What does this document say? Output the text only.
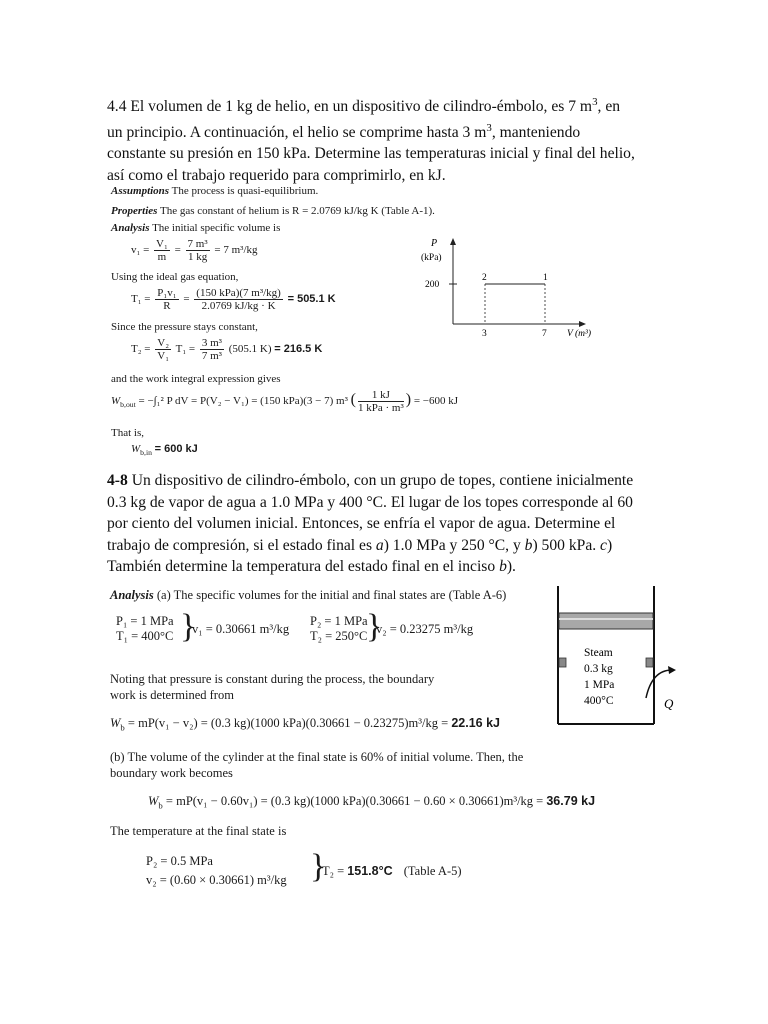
4.4 El volumen de 1 kg de helio, en un dispositivo de cilindro-émbolo, es 7 $m^3$, en
un principio. A continuación, el helio se comprime hasta 3 $m^3$, manteniendo
constante su presión en 150 kPa. Determine las temperaturas inicial y final del helio,
así como el trabajo requerido para comprimirlo, en kJ.
Assumptions The process is quasi-equilibrium.
Properties The gas constant of helium is R = 2.0769 kJ/kg K (Table A-1).
Analysis The initial specific volume is
$v_1 = \frac{\text{V₁}}{m} = \frac{\text{7 m³}}{1 kg} = 7$ m³/kg
Using the ideal gas equation,
$T_1 = \frac{\text{P₁v₁}}{R} = \frac{\text{(150 kPa)(7 m³/kg)}}{2.0769 kJ/kg \cdot K} = 505.1$ K
Since the pressure stays constant,
$T_2 = \frac{\text{V₂}}{\text{V₁}} T_1 = \frac{\text{3 m³}}{\text{7 m³}} (505.1$ K) = 216.5 K
and the work integral expression gives
$W_{b,out} = -\int_1^2$ P dV = P(V₂ − V₁) = (150 kPa)(3 − 7) m³ ( $\frac{1 kJ}{\text{1 kPa · m³}}$ ) = −600 kJ
That is,
$W_{b,in} = 600$ kJ
P
(kPa)
200
2	1
3	7 V (m³)
4-8 Un dispositivo de cilindro-émbolo, con un grupo de topes, contiene inicialmente
0.3 kg de vapor de agua a 1.0 MPa y 400 °C. El lugar de los topes corresponde al 60
por ciento del volumen inicial. Entonces, se enfría el vapor de agua. Determine el
trabajo de compresión, si el estado final es a) 1.0 MPa y 250 °C, y b) 500 kPa. c)
También determine la temperatura del estado final en el inciso b).
Analysis (a) The specific volumes for the initial and final states are (Table A-6)
P₁ = 1 MPa
T₁ = 400°C }
v₁ = 0.30661 m³/kg
P₂ = 1 MPa
T₂ = 250°C
}
v₂ = 0.23275 m³/kg
Noting that pressure is constant during the process, the boundary
work is determined from
$W_b = mP(v_1 - v_2) = (0.3$ kg)(1000 kPa)(0.30661 − 0.23275)m³/kg = 22.16 kJ
(b) The volume of the cylinder at the final state is 60% of initial volume. Then, the
boundary work becomes
$W_b = mP(v_1 - 0.60v_1) = (0.3$ kg)(1000 kPa)(0.30661 − 0.60 × 0.30661)m³/kg = 36.79 kJ
The temperature at the final state is
P₂ = 0.5 MPa
v₂ = (0.60 × 0.30661) m³/kg }
T₂ = 151.8°C (Table A-5)
Steam
0.3 kg
1 MPa
400°C	Q
